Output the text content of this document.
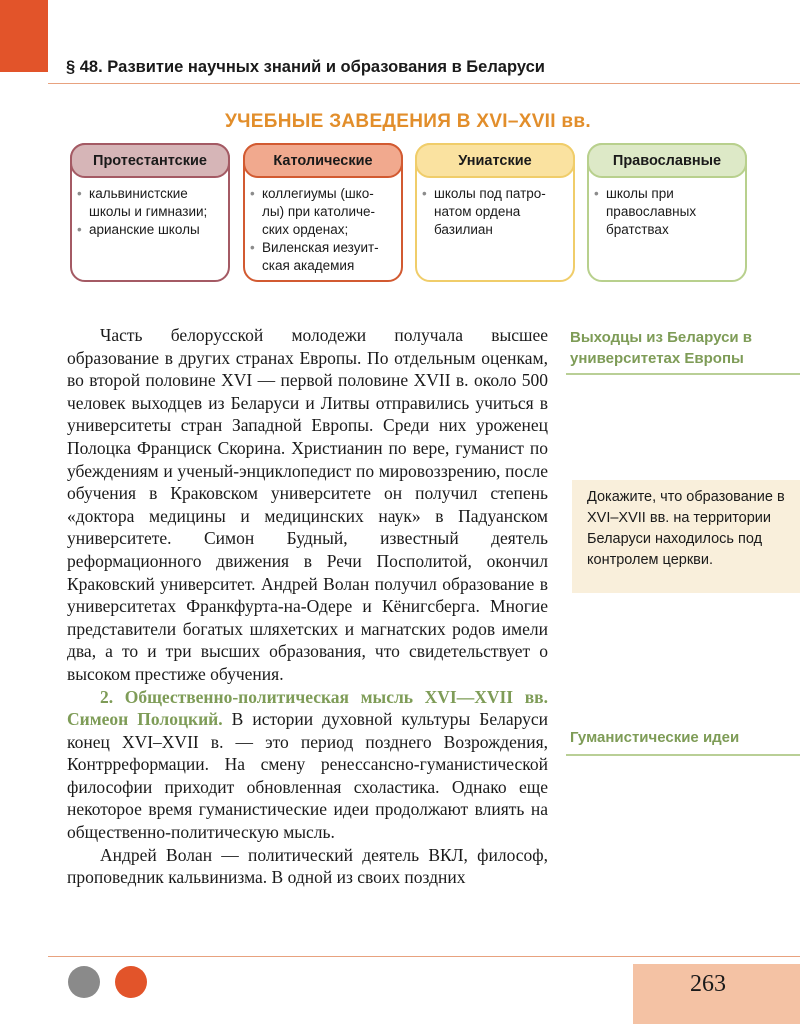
§ 48. Развитие научных знаний и образования в Беларуси
УЧЕБНЫЕ ЗАВЕДЕНИЯ В XVI–XVII вв.
Протестантские
• кальвинистские школы и гимназии;
• арианские школы
Католические
• коллегиумы (шко-лы) при католиче-ских орденах;
• Виленская иезуит-ская академия
Униатские
• школы под патро-натом ордена базилиан
Православные
• школы при православных братствах

Часть белорусской молодежи получала высшее образование в других странах Европы. По отдельным оценкам, во второй половине XVI — первой половине XVII в. около 500 человек выходцев из Беларуси и Литвы отправились учиться в университеты стран Западной Европы. Среди них уроженец Полоцка Франциск Скорина. Христианин по вере, гуманист по убеждениям и ученый-энциклопедист по мировоззрению, после обучения в Краковском университете он получил степень «доктора медицины и медицинских наук» в Падуанском университете. Симон Будный, известный деятель реформационного движения в Речи Посполитой, окончил Краковский университет. Андрей Волан получил образование в университетах Франкфурта-на-Одере и Кёнигсберга. Многие представители богатых шляхетских и магнатских родов имели два, а то и три высших образования, что свидетельствует о высоком престиже обучения.

2. Общественно-политическая мысль XVI—XVII вв. Симеон Полоцкий. В истории духовной культуры Беларуси конец XVI–XVII в. — это период позднего Возрождения, Контрреформации. На смену ренессансно-гуманистической философии приходит обновленная схоластика. Однако еще некоторое время гуманистические идеи продолжают влиять на общественно-политическую мысль.

Андрей Волан — политический деятель ВКЛ, философ, проповедник кальвинизма. В одной из своих поздних

Выходцы из Беларуси в университетах Европы
Докажите, что образование в XVI–XVII вв. на территории Беларуси находилось под контролем церкви.
Гуманистические идеи
263
